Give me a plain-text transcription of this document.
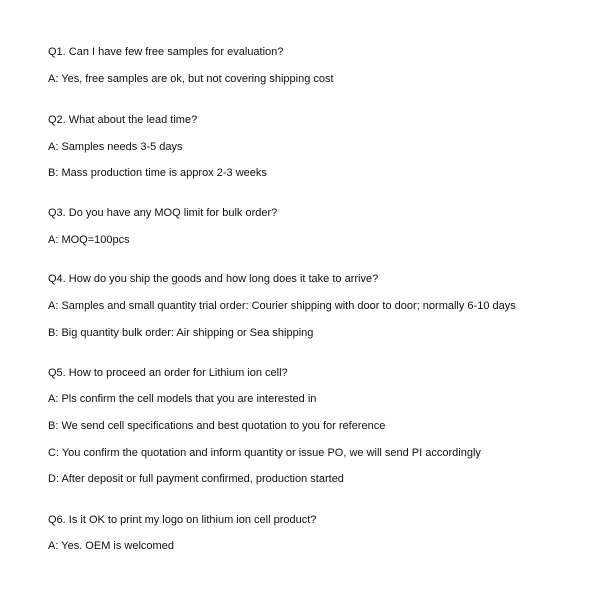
Q1. Can I have few free samples for evaluation?
A: Yes, free samples are ok, but not covering shipping cost
Q2. What about the lead time?
A: Samples needs 3-5 days
B: Mass production time is approx 2-3 weeks
Q3. Do you have any MOQ limit for bulk order?
A: MOQ=100pcs
Q4. How do you ship the goods and how long does it take to arrive?
A: Samples and small quantity trial order: Courier shipping with door to door; normally 6-10 days
B: Big quantity bulk order: Air shipping or Sea shipping
Q5. How to proceed an order for Lithium ion cell?
A: Pls confirm the cell models that you are interested in
B: We send cell specifications and best quotation to you for reference
C: You confirm the quotation and inform quantity or issue PO, we will send PI accordingly
D: After deposit or full payment confirmed, production started
Q6. Is it OK to print my logo on lithium ion cell product?
A: Yes. OEM is welcomed
